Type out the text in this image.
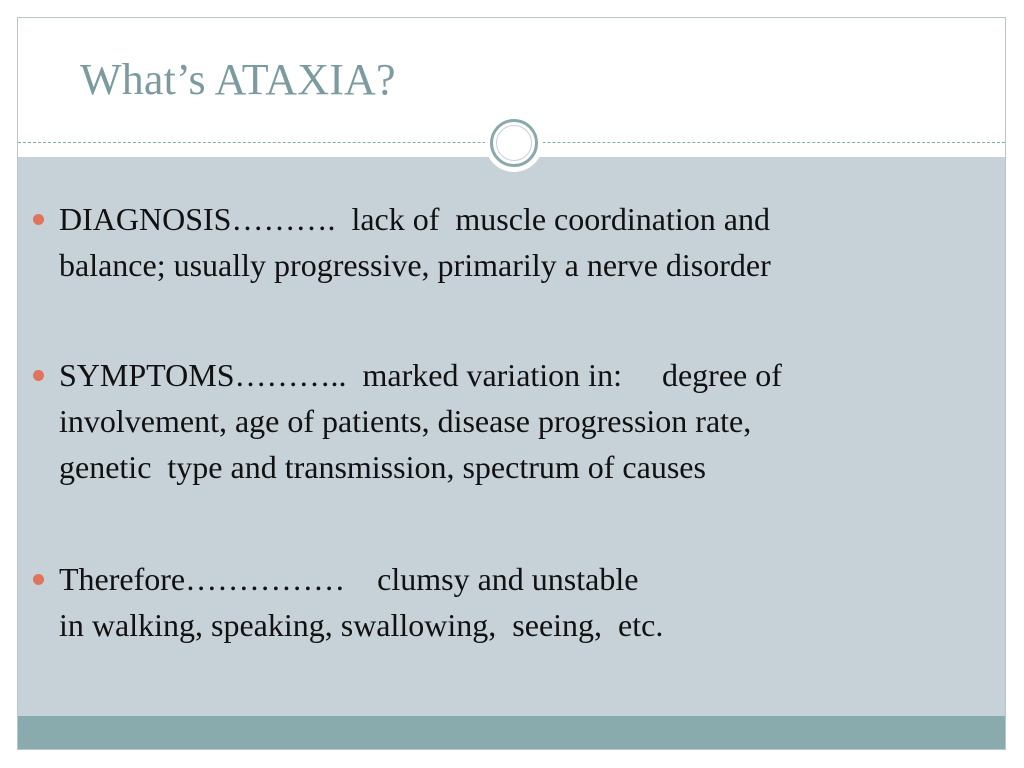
What’s ATAXIA?
DIAGNOSIS……….  lack of  muscle coordination and
balance; usually progressive, primarily a nerve disorder
SYMPTOMS………..  marked variation in:     degree of
involvement, age of patients, disease progression rate,
genetic  type and transmission, spectrum of causes
Therefore……………    clumsy and unstable
in walking, speaking, swallowing,  seeing,  etc.
